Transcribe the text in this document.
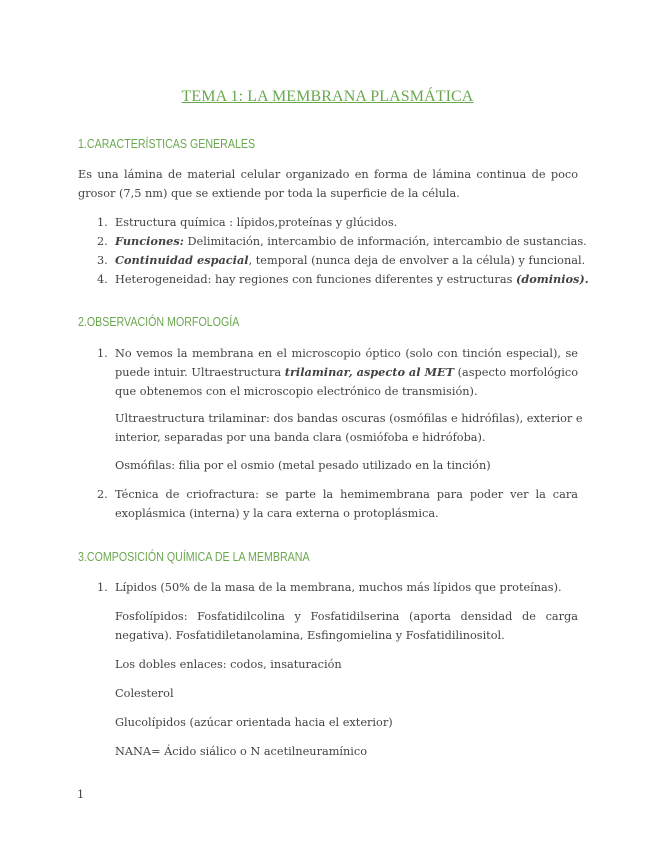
TEMA 1: LA MEMBRANA PLASMÁTICA
1.CARACTERÍSTICAS GENERALES
Es una lámina de material celular organizado en forma de lámina continua de poco
grosor (7,5 nm) que se extiende por toda la superficie de la célula.
1. Estructura química : lípidos,proteínas y glúcidos.
2. Funciones: Delimitación, intercambio de información, intercambio de sustancias.
3. Continuidad espacial, temporal (nunca deja de envolver a la célula) y funcional.
4. Heterogeneidad: hay regiones con funciones diferentes y estructuras (dominios).
2.OBSERVACIÓN MORFOLOGÍA
1. No vemos la membrana en el microscopio óptico (solo con tinción especial), se
puede intuir. Ultraestructura trilaminar, aspecto al MET (aspecto morfológico
que obtenemos con el microscopio electrónico de transmisión).
Ultraestructura trilaminar: dos bandas oscuras (osmófilas e hidrófilas), exterior e
interior, separadas por una banda clara (osmiófoba e hidrófoba).
Osmófilas: filia por el osmio (metal pesado utilizado en la tinción)
2. Técnica de criofractura: se parte la hemimembrana para poder ver la cara
exoplásmica (interna) y la cara externa o protoplásmica.
3.COMPOSICIÓN QUÍMICA DE LA MEMBRANA
1. Lípidos (50% de la masa de la membrana, muchos más lípidos que proteínas).
Fosfolípidos: Fosfatidilcolina y Fosfatidilserina (aporta densidad de carga
negativa). Fosfatidiletanolamina, Esfingomielina y Fosfatidilinositol.
Los dobles enlaces: codos, insaturación
Colesterol
Glucolípidos (azúcar orientada hacia el exterior)
NANA= Ácido siálico o N acetilneuramínico
1
